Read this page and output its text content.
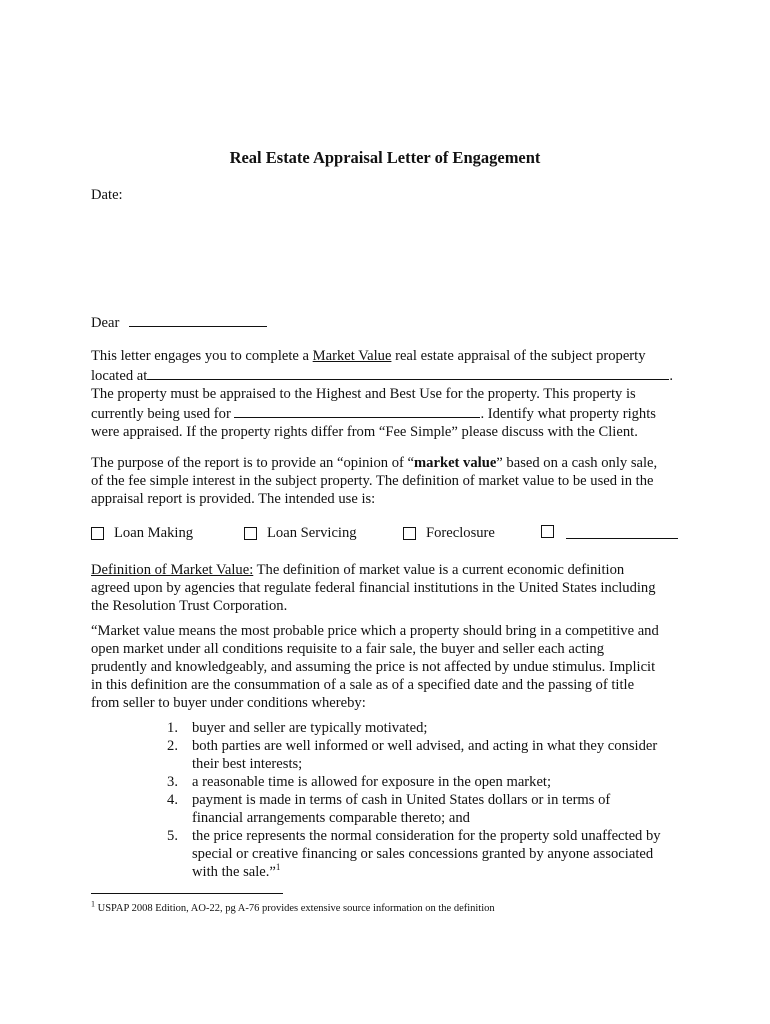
Real Estate Appraisal Letter of Engagement
Date:
Dear
This letter engages you to complete a Market Value real estate appraisal of the subject property
located at	.
The property must be appraised to the Highest and Best Use for the property. This property is
currently being used for	. Identify what property rights
were appraised. If the property rights differ from “Fee Simple” please discuss with the Client.
The purpose of the report is to provide an “opinion of “market value” based on a cash only sale,
of the fee simple interest in the subject property. The definition of market value to be used in the
appraisal report is provided. The intended use is:
Loan Making	Loan Servicing	Foreclosure
Definition of Market Value: The definition of market value is a current economic definition
agreed upon by agencies that regulate federal financial institutions in the United States including
the Resolution Trust Corporation.
“Market value means the most probable price which a property should bring in a competitive and
open market under all conditions requisite to a fair sale, the buyer and seller each acting
prudently and knowledgeably, and assuming the price is not affected by undue stimulus. Implicit
in this definition are the consummation of a sale as of a specified date and the passing of title
from seller to buyer under conditions whereby:
1. buyer and seller are typically motivated;
2. both parties are well informed or well advised, and acting in what they consider
their best interests;
3. a reasonable time is allowed for exposure in the open market;
4. payment is made in terms of cash in United States dollars or in terms of
financial arrangements comparable thereto; and
5. the price represents the normal consideration for the property sold unaffected by
special or creative financing or sales concessions granted by anyone associated
with the sale.”$^1$
$^1$ USPAP 2008 Edition, AO-22, pg A-76 provides extensive source information on the definition
